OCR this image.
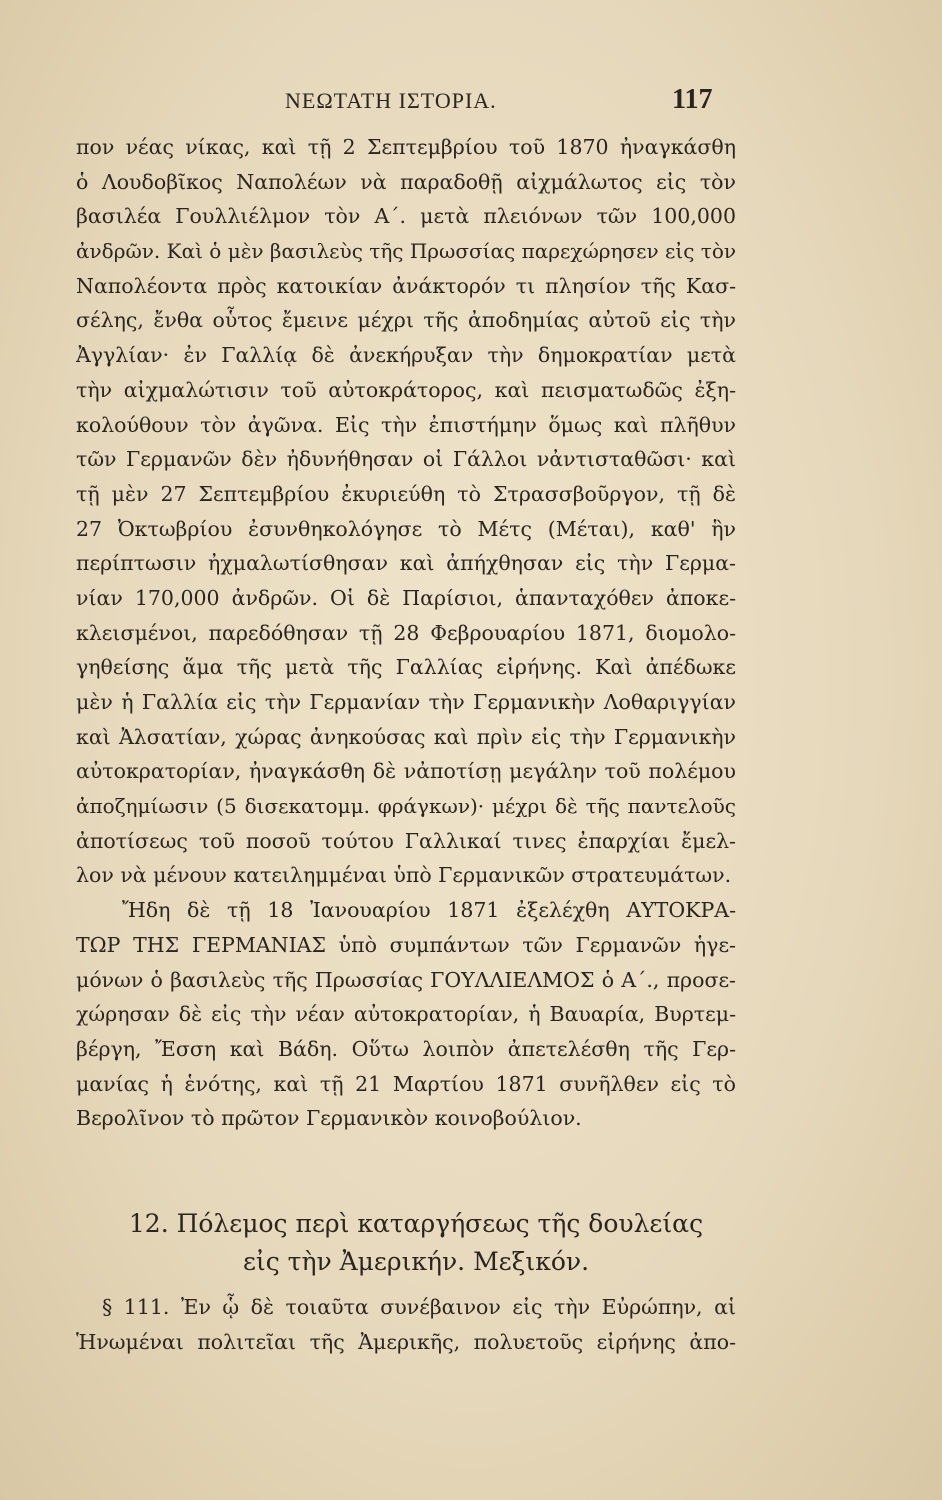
ΝΕΩΤΑΤΗ ΙΣΤΟΡΙΑ.	117
πον νέας νίκας, καὶ τῇ 2 Σεπτεμβρίου τοῦ 1870 ἠναγκάσθη
ὁ Λουδοβῖκος Ναπολέων νὰ παραδοθῇ αἰχμάλωτος εἰς τὸν
βασιλέα Γουλλιέλμον τὸν Α΄. μετὰ πλειόνων τῶν 100,000
ἀνδρῶν. Καὶ ὁ μὲν βασιλεὺς τῆς Πρωσσίας παρεχώρησεν εἰς τὸν
Ναπολέοντα πρὸς κατοικίαν ἀνάκτορόν τι πλησίον τῆς Κασ-
σέλης, ἔνθα οὗτος ἔμεινε μέχρι τῆς ἀποδημίας αὐτοῦ εἰς τὴν
Ἀγγλίαν· ἐν Γαλλίᾳ δὲ ἀνεκήρυξαν τὴν δημοκρατίαν μετὰ
τὴν αἰχμαλώτισιν τοῦ αὐτοκράτορος, καὶ πεισματωδῶς ἐξη-
κολούθουν τὸν ἀγῶνα. Εἰς τὴν ἐπιστήμην ὅμως καὶ πλῆθυν
τῶν Γερμανῶν δὲν ἠδυνήθησαν οἱ Γάλλοι νἀντισταθῶσι· καὶ
τῇ μὲν 27 Σεπτεμβρίου ἐκυριεύθη τὸ Στρασσβοῦργον, τῇ δὲ
27 Ὀκτωβρίου ἐσυνθηκολόγησε τὸ Μέτς (Μέται), καθ' ἣν
περίπτωσιν ἠχμαλωτίσθησαν καὶ ἀπήχθησαν εἰς τὴν Γερμα-
νίαν 170,000 ἀνδρῶν. Οἱ δὲ Παρίσιοι, ἁπανταχόθεν ἀποκε-
κλεισμένοι, παρεδόθησαν τῇ 28 Φεβρουαρίου 1871, διομολο-
γηθείσης ἅμα τῆς μετὰ τῆς Γαλλίας εἰρήνης. Καὶ ἀπέδωκε
μὲν ἡ Γαλλία εἰς τὴν Γερμανίαν τὴν Γερμανικὴν Λοθαριγγίαν
καὶ Ἀλσατίαν, χώρας ἀνηκούσας καὶ πρὶν εἰς τὴν Γερμανικὴν
αὐτοκρατορίαν, ἠναγκάσθη δὲ νἀποτίσῃ μεγάλην τοῦ πολέμου
ἀποζημίωσιν (5 δισεκατομμ. φράγκων)· μέχρι δὲ τῆς παντελοῦς
ἀποτίσεως τοῦ ποσοῦ τούτου Γαλλικαί τινες ἐπαρχίαι ἔμελ-
λον νὰ μένουν κατειλημμέναι ὑπὸ Γερμανικῶν στρατευμάτων.
Ἤδη δὲ τῇ 18 Ἰανουαρίου 1871 ἐξελέχθη ΑΥΤΟΚΡΑ-
ΤΩΡ ΤΗΣ ΓΕΡΜΑΝΙΑΣ ὑπὸ συμπάντων τῶν Γερμανῶν ἡγε-
μόνων ὁ βασιλεὺς τῆς Πρωσσίας ΓΟΥΛΛΙΕΛΜΟΣ ὁ Α΄., προσε-
χώρησαν δὲ εἰς τὴν νέαν αὐτοκρατορίαν, ἡ Βαυαρία, Βυρτεμ-
βέργη, Ἔσση καὶ Βάδη. Οὕτω λοιπὸν ἀπετελέσθη τῆς Γερ-
μανίας ἡ ἑνότης, καὶ τῇ 21 Μαρτίου 1871 συνῆλθεν εἰς τὸ
Βερολῖνον τὸ πρῶτον Γερμανικὸν κοινοβούλιον.
12. Πόλεμος περὶ καταργήσεως τῆς δουλείας
εἰς τὴν Ἀμερικήν. Μεξικόν.
§ 111. Ἐν ᾧ δὲ τοιαῦτα συνέβαινον εἰς τὴν Εὐρώπην, αἱ
Ἡνωμέναι πολιτεῖαι τῆς Ἀμερικῆς, πολυετοῦς εἰρήνης ἀπο-
